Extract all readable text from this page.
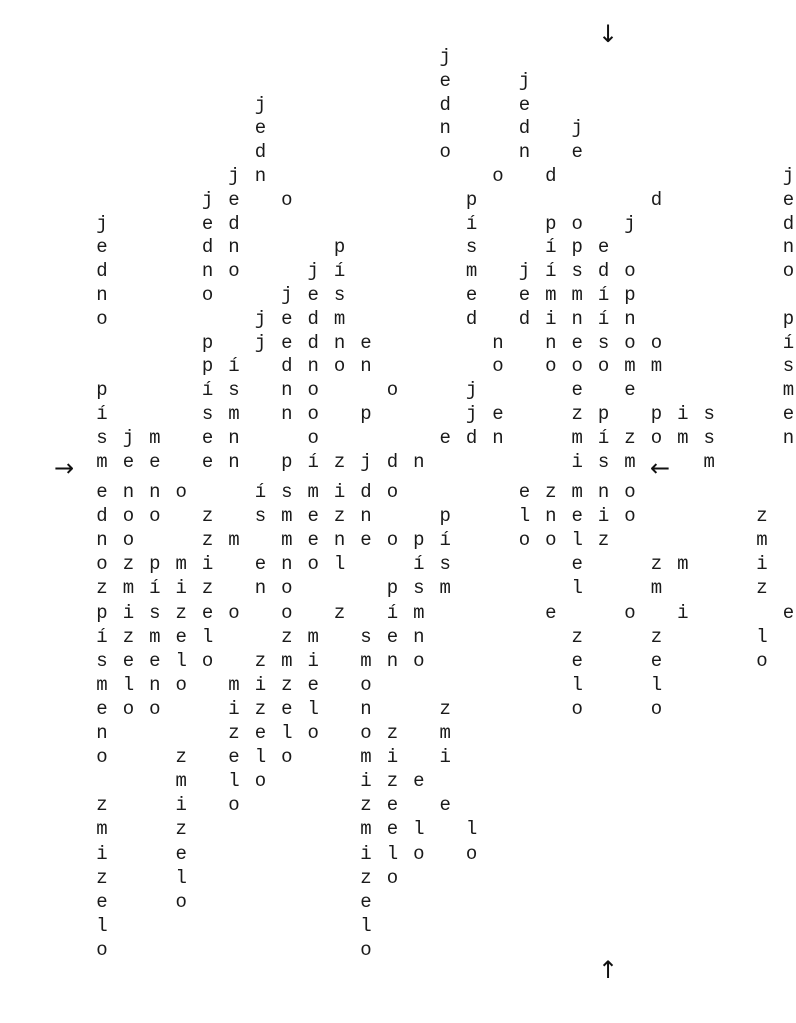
↓
↑
→	←
j
e	j
j	d	e
e	n	d j
d	o	n e
j n	o d	j
j e o	p	d	e
j	e d	í	p o j	d
e	d n	p	s	í p e	n
d	n o	j í	m j í s d o	o
n	o	j e s	e e m m í p
o	j e d m	d d i n í n	p
p j e d n e	n n e s o o	í
p í d n o n	o o o o m m	s
p	í s n o	o	j	e e	m
í	s m n o p	j e	z p p i s	e
s j m e n	o	e d n	m í z o m s	n
m e e e n p í z j d n	i s m	m
e n n o	í s m i d o	e z m n o
d o o z s m e z n	p	l n e i o	z
n o	z m m e n e o p í	o o l z	m
o z p m i e n o l	í s	e	z m	i
z m í i z n o	p s m	l	m	z
p i s z e o o z í m	e	o i	e
í z m e l	z m s e n	z	z	l
s e e l o z m i m n o	e	e	o
m l n o m i z e o	l	l
e o o	i z e l n	z	o	o
n	z e l o o z m
o	z e l o	m i i
m l o	i z e
z	i o	z e e
m	z	m e l l
i	e	i l o o
z	l	z o
e	o	e
l	l
o	o
